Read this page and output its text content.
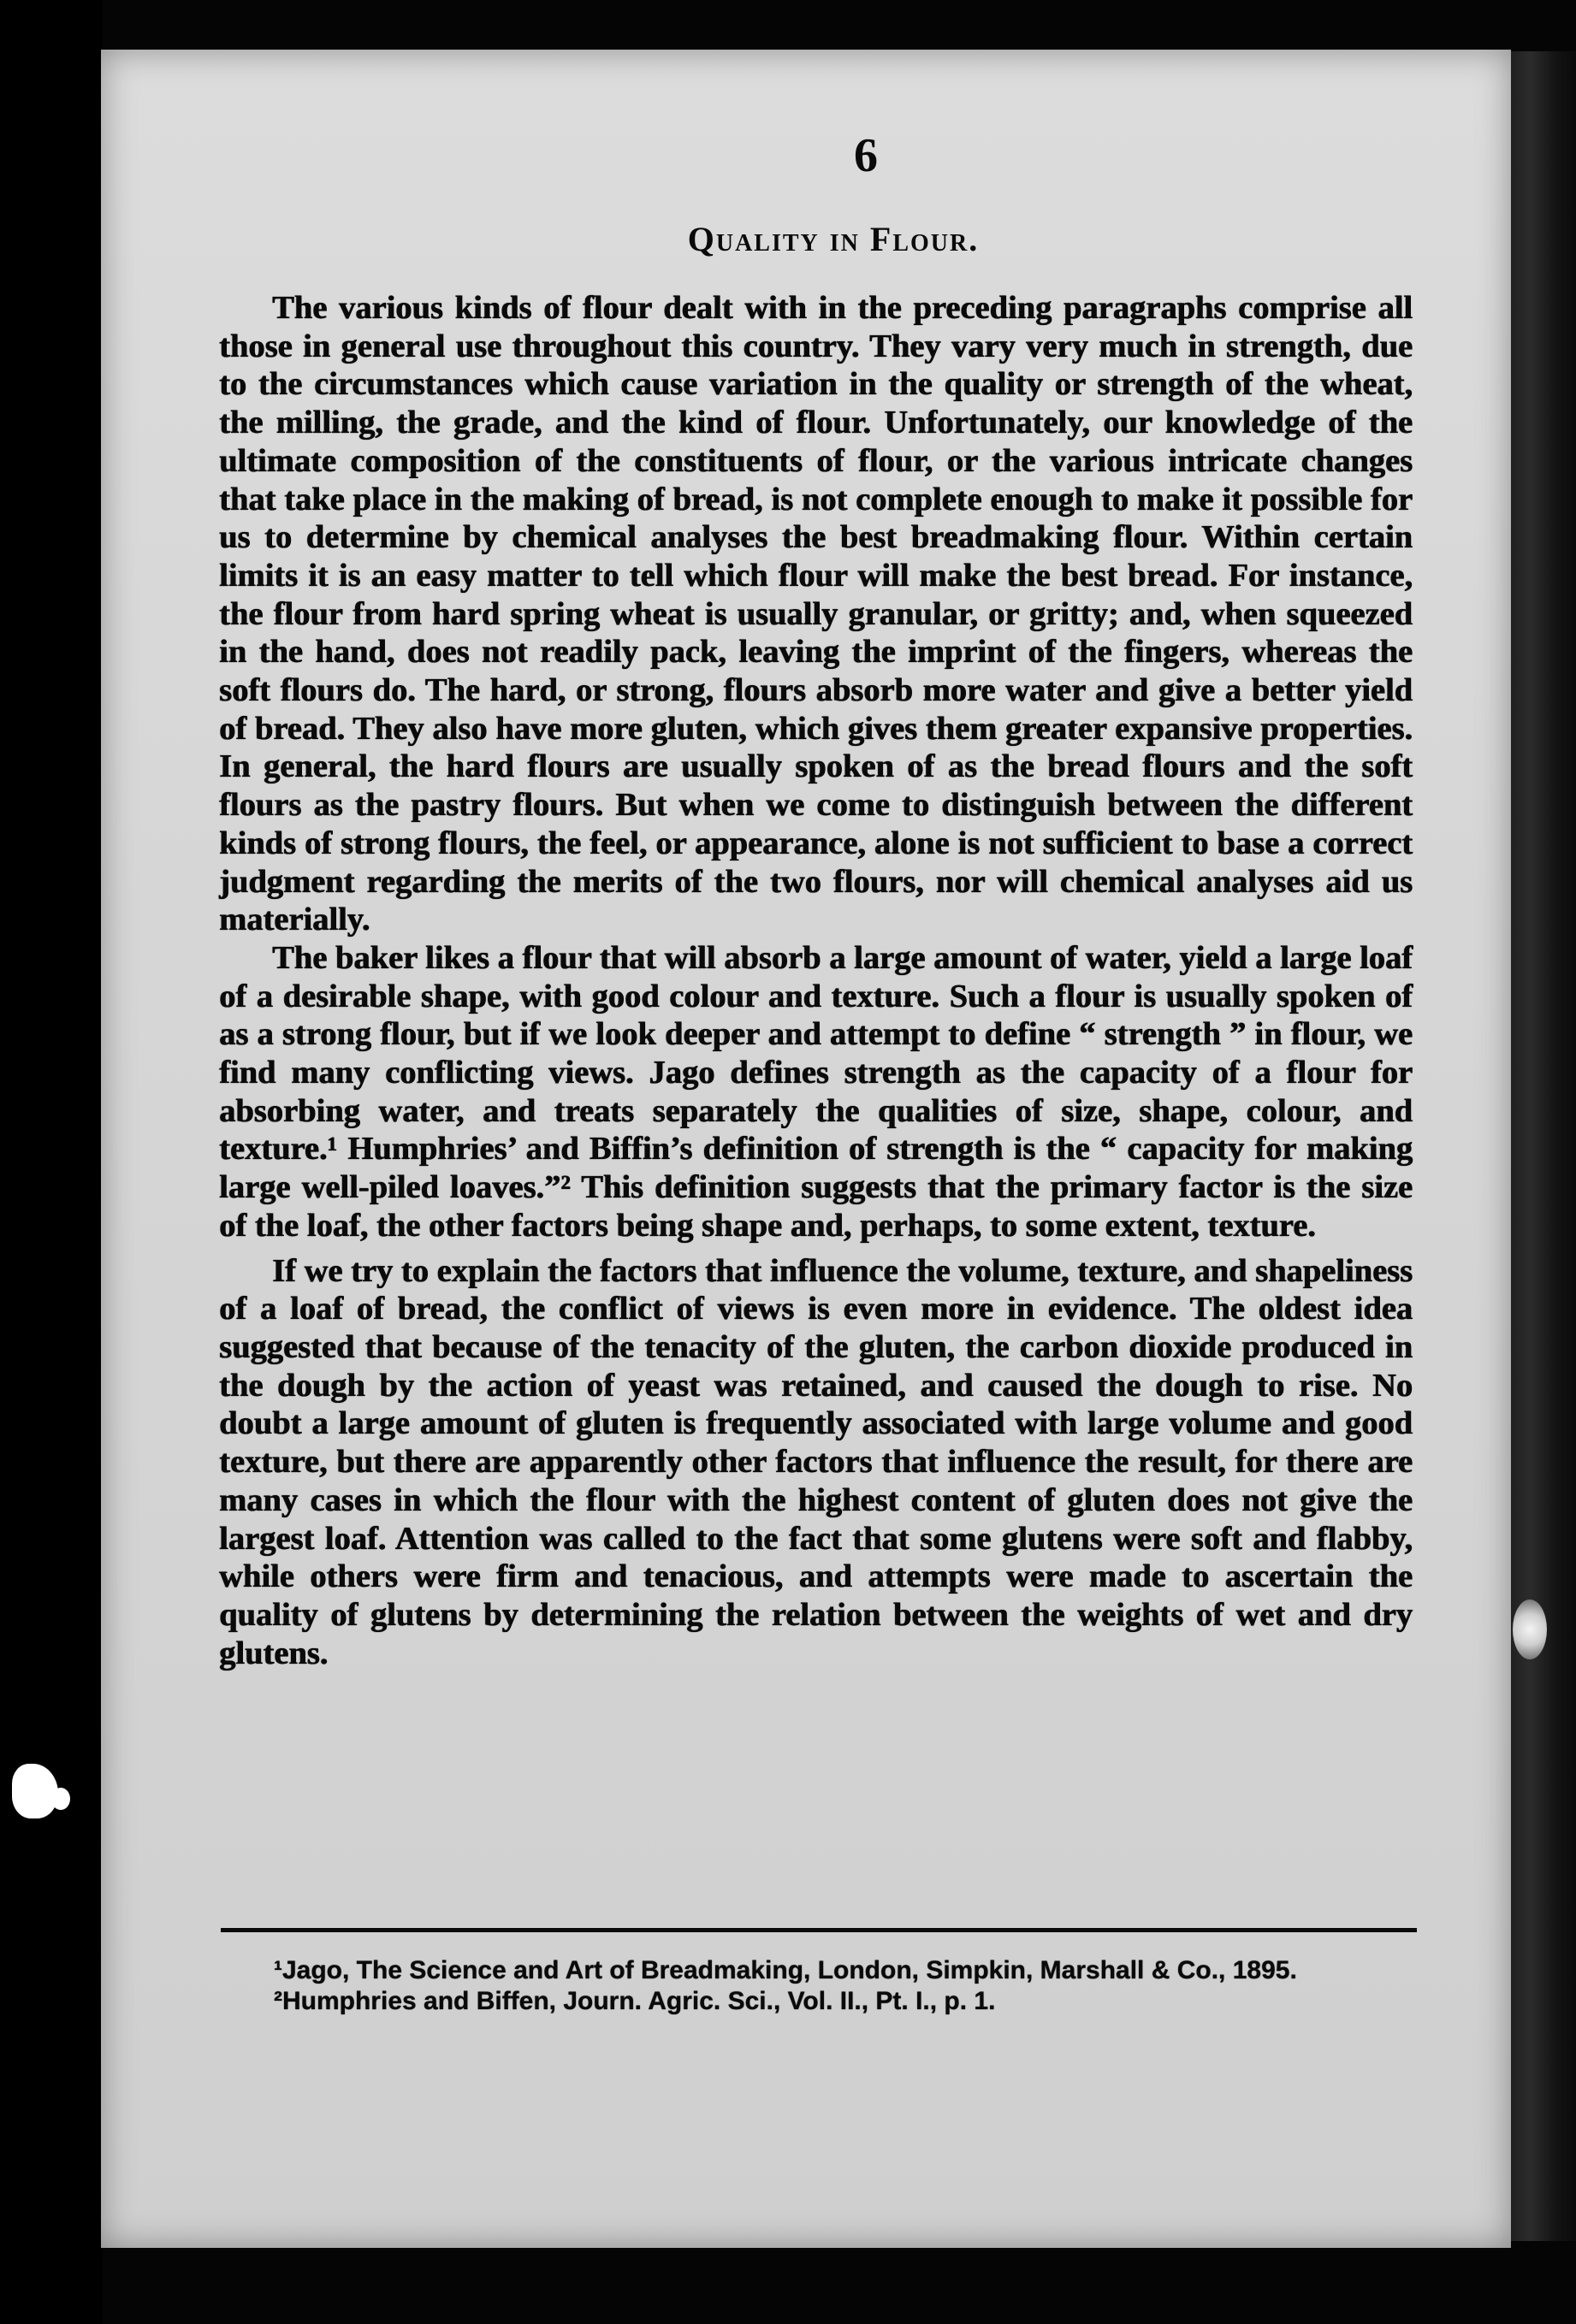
6
Quality in Flour.

The various kinds of flour dealt with in the preceding paragraphs comprise all those in general use throughout this country. They vary very much in strength, due to the circumstances which cause variation in the quality or strength of the wheat, the milling, the grade, and the kind of flour. Unfortunately, our knowledge of the ultimate composition of the constituents of flour, or the various intricate changes that take place in the making of bread, is not complete enough to make it possible for us to determine by chemical analyses the best breadmaking flour. Within certain limits it is an easy matter to tell which flour will make the best bread. For instance, the flour from hard spring wheat is usually granular, or gritty; and, when squeezed in the hand, does not readily pack, leaving the imprint of the fingers, whereas the soft flours do. The hard, or strong, flours absorb more water and give a better yield of bread. They also have more gluten, which gives them greater expansive properties. In general, the hard flours are usually spoken of as the bread flours and the soft flours as the pastry flours. But when we come to distinguish between the different kinds of strong flours, the feel, or appearance, alone is not sufficient to base a correct judgment regarding the merits of the two flours, nor will chemical analyses aid us materially.

The baker likes a flour that will absorb a large amount of water, yield a large loaf of a desirable shape, with good colour and texture. Such a flour is usually spoken of as a strong flour, but if we look deeper and attempt to define “ strength ” in flour, we find many conflicting views. Jago defines strength as the capacity of a flour for absorbing water, and treats separately the qualities of size, shape, colour, and texture.¹ Humphries’ and Biffin’s definition of strength is the “ capacity for making large well-piled loaves.”² This definition suggests that the primary factor is the size of the loaf, the other factors being shape and, perhaps, to some extent, texture.

If we try to explain the factors that influence the volume, texture, and shapeliness of a loaf of bread, the conflict of views is even more in evidence. The oldest idea suggested that because of the tenacity of the gluten, the carbon dioxide produced in the dough by the action of yeast was retained, and caused the dough to rise. No doubt a large amount of gluten is frequently associated with large volume and good texture, but there are apparently other factors that influence the result, for there are many cases in which the flour with the highest content of gluten does not give the largest loaf. Attention was called to the fact that some glutens were soft and flabby, while others were firm and tenacious, and attempts were made to ascertain the quality of glutens by determining the relation between the weights of wet and dry glutens.

¹Jago, The Science and Art of Breadmaking, London, Simpkin, Marshall & Co., 1895.

²Humphries and Biffen, Journ. Agric. Sci., Vol. II., Pt. I., p. 1.
